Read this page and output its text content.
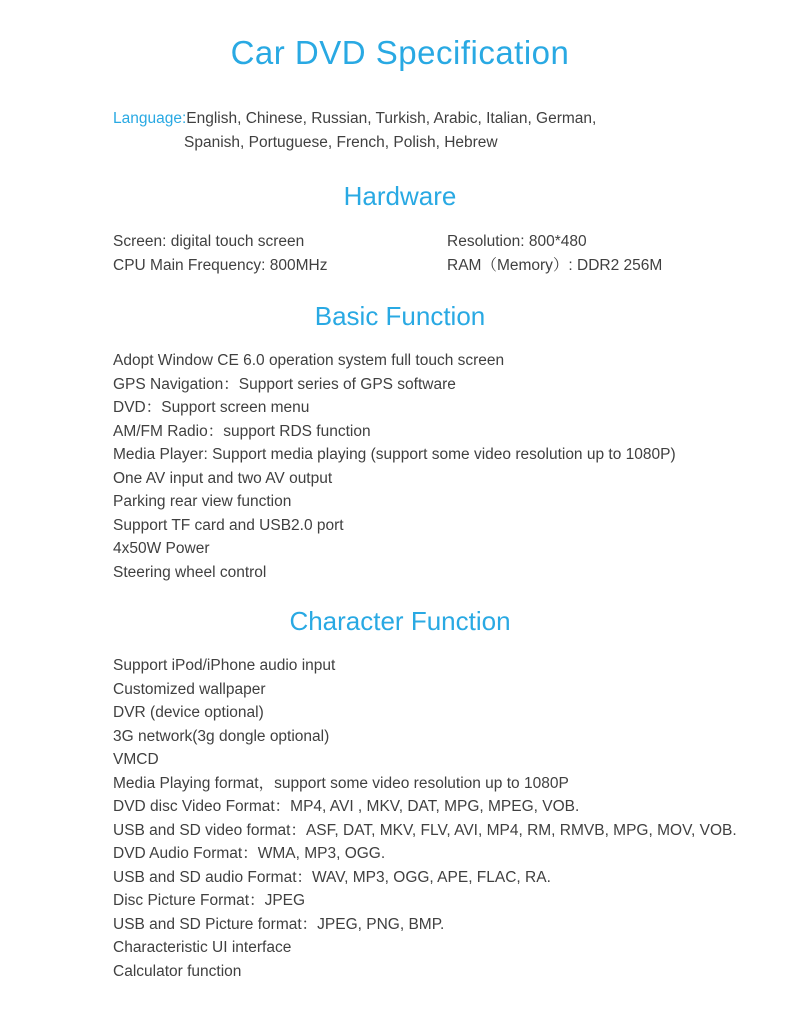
Car DVD Specification

Language:English, Chinese, Russian, Turkish, Arabic, Italian, German,

Spanish, Portuguese, French, Polish, Hebrew

Hardware
Screen: digital touch screen	Resolution: 800*480
CPU Main Frequency: 800MHz	RAM（Memory）: DDR2 256M
Basic Function
Adopt Window CE 6.0 operation system full touch screen
GPS Navigation：Support series of GPS software
DVD：Support screen menu
AM/FM Radio：support RDS function
Media Player: Support media playing (support some video resolution up to 1080P)
One AV input and two AV output
Parking rear view function
Support TF card and USB2.0 port
4x50W Power
Steering wheel control
Character Function
Support iPod/iPhone audio input
Customized wallpaper
DVR (device optional)
3G network(3g dongle optional)
VMCD
Media Playing format，support some video resolution up to 1080P
DVD disc Video Format：MP4, AVI , MKV, DAT, MPG, MPEG, VOB.
USB and SD video format：ASF, DAT, MKV, FLV, AVI, MP4, RM, RMVB, MPG, MOV, VOB.
DVD Audio Format：WMA, MP3, OGG.
USB and SD audio Format：WAV, MP3, OGG, APE, FLAC, RA.
Disc Picture Format：JPEG
USB and SD Picture format：JPEG, PNG, BMP.
Characteristic UI interface
Calculator function
